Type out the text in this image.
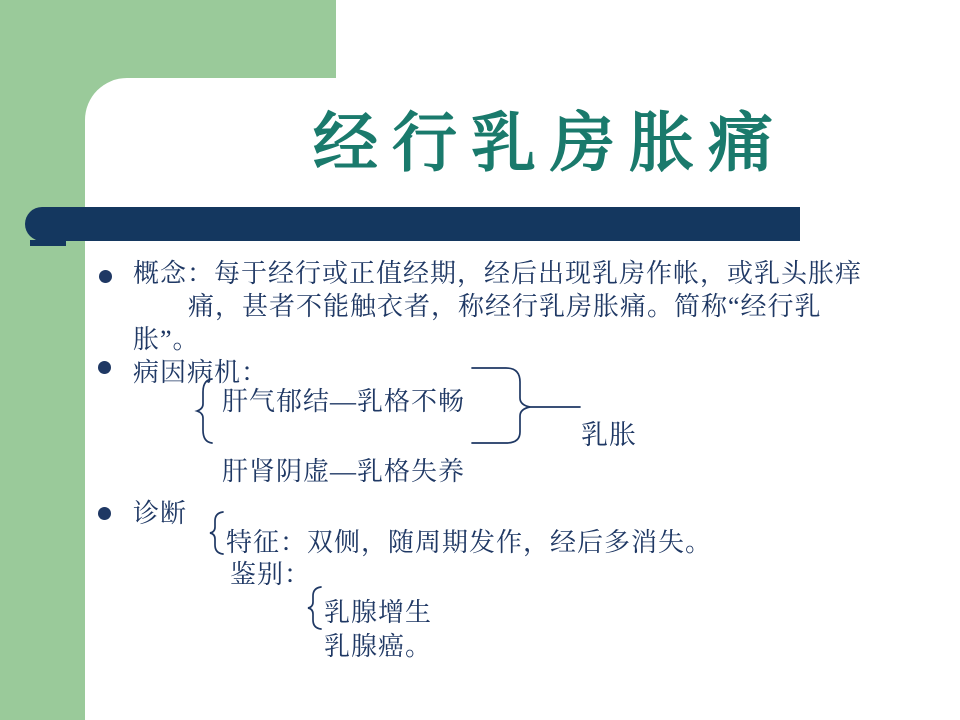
经行乳房胀痛
概念：每于经行或正值经期，经后出现乳房作帐，或乳头胀痒
痛，甚者不能触衣者，称经行乳房胀痛。简称“经行乳
胀”。
病因病机：
肝气郁结—乳格不畅
乳胀
肝肾阴虚—乳格失养
诊断
特征：双侧，随周期发作，经后多消失。
鉴别：
乳腺增生
乳腺癌。
